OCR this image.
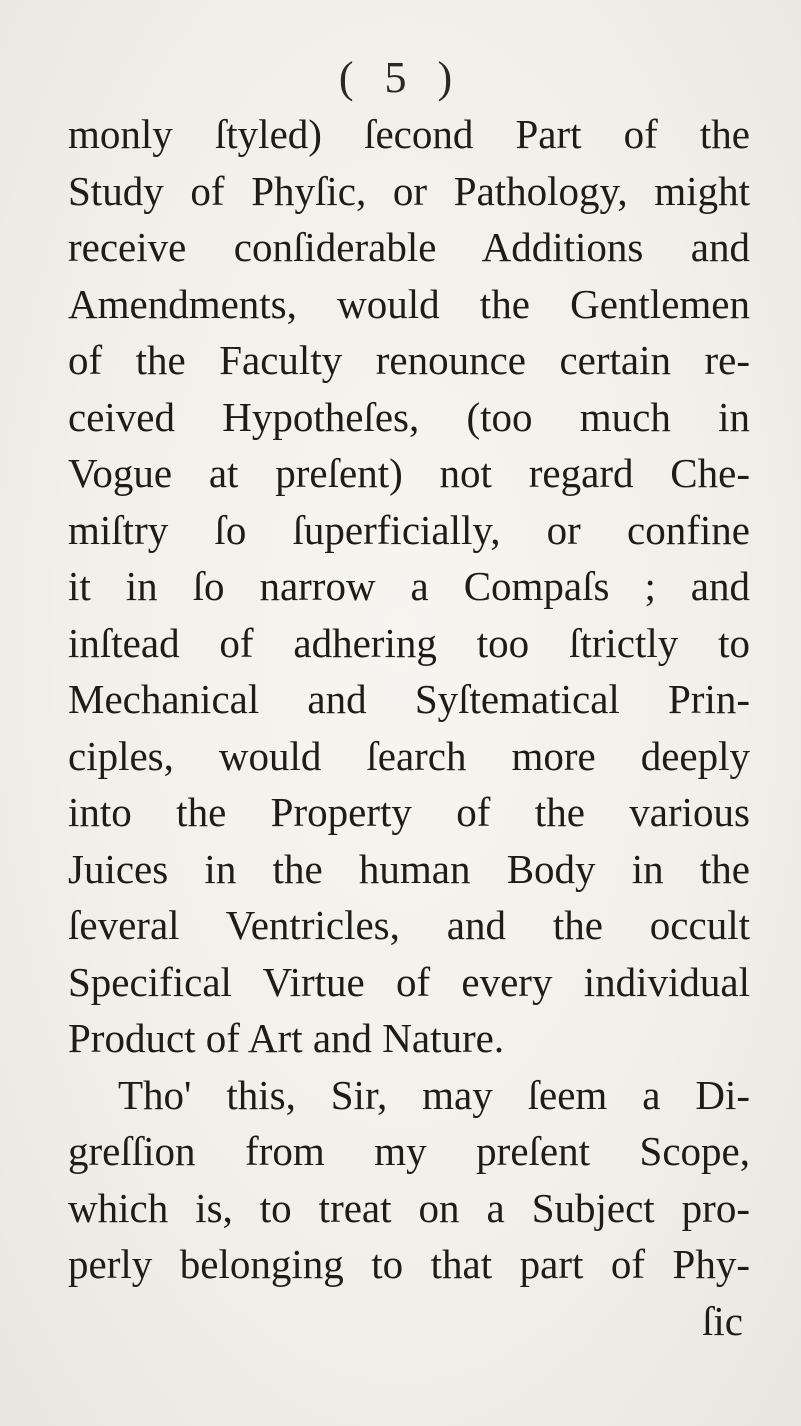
( 5 )
monly ſtyled) ſecond Part of the
Study of Phyſic, or Pathology, might
receive conſiderable Additions and
Amendments, would the Gentlemen
of the Faculty renounce certain re-
ceived Hypotheſes, (too much in
Vogue at preſent) not regard Che-
miſtry ſo ſuperficially, or confine
it in ſo narrow a Compaſs ; and
inſtead of adhering too ſtrictly to
Mechanical and Syſtematical Prin-
ciples, would ſearch more deeply
into the Property of the various
Juices in the human Body in the
ſeveral Ventricles, and the occult
Specifical Virtue of every individual
Product of Art and Nature.
Tho' this, Sir, may ſeem a Di-
greſſion from my preſent Scope,
which is, to treat on a Subject pro-
perly belonging to that part of Phy-
ſic
